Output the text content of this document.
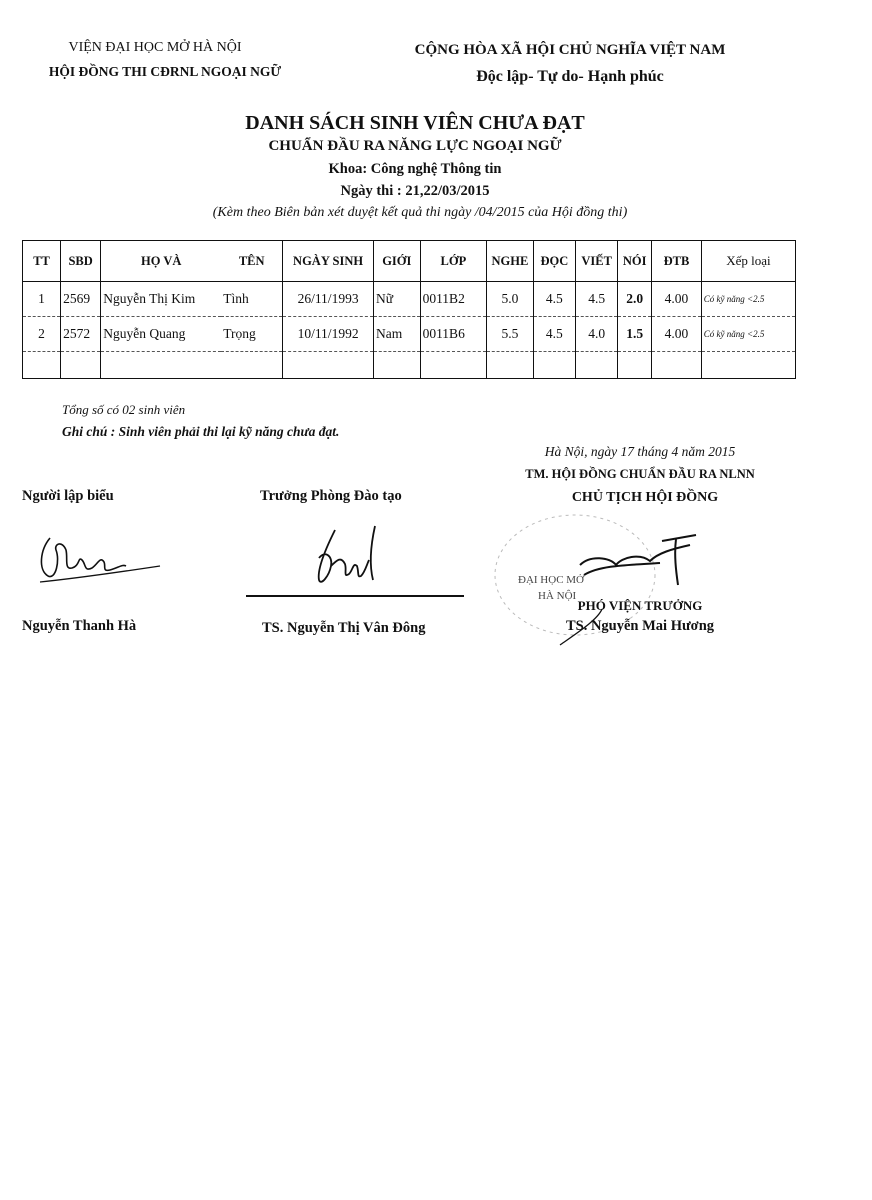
VIỆN ĐẠI HỌC MỞ HÀ NỘI
HỘI ĐỒNG THI CĐRNL NGOẠI NGỮ
CỘNG HÒA XÃ HỘI CHỦ NGHĨA VIỆT NAM
Độc lập- Tự do- Hạnh phúc
DANH SÁCH SINH VIÊN CHƯA ĐẠT
CHUẨN ĐẦU RA NĂNG LỰC NGOẠI NGỮ
Khoa: Công nghệ Thông tin
Ngày thi : 21,22/03/2015
(Kèm theo Biên bản xét duyệt kết quả thi ngày /04/2015 của Hội đồng thi)
TT	SBD	HỌ VÀ	TÊN	NGÀY SINH	GIỚI	LỚP	NGHE	ĐỌC	VIẾT	NÓI	ĐTB	Xếp loại
1	2569	Nguyễn Thị Kim	Tình	26/11/1993	Nữ	0011B2	5.0	4.5	4.5	2.0	4.00	Có kỹ năng <2.5
2	2572	Nguyễn Quang	Trọng	10/11/1992	Nam	0011B6	5.5	4.5	4.0	1.5	4.00	Có kỹ năng <2.5

Tổng số có 02 sinh viên
Ghi chú : Sinh viên phải thi lại kỹ năng chưa đạt.
Hà Nội, ngày 17 tháng 4 năm 2015
TM. HỘI ĐỒNG CHUẨN ĐẦU RA NLNN
CHỦ TỊCH HỘI ĐỒNG
Người lập biểu	Trưởng Phòng Đào tạo
ĐẠI HỌC MỞ
HÀ NỘI
PHÓ VIỆN TRƯỞNG
Nguyễn Thanh Hà	TS. Nguyễn Thị Vân Đông	TS. Nguyễn Mai Hương
